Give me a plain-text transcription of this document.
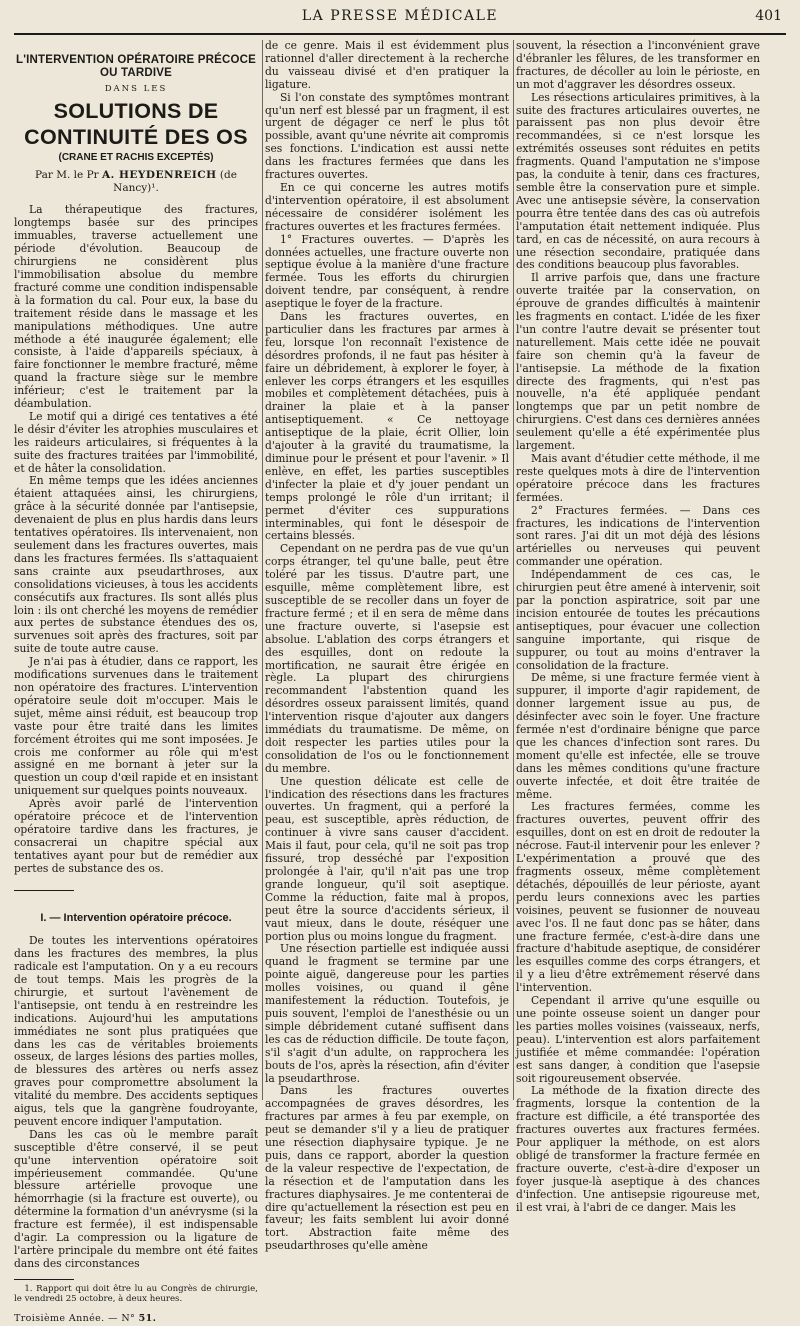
LA PRESSE MÉDICALE	401
L'INTERVENTION OPÉRATOIRE PRÉCOCE OU TARDIVE
DANS LES
SOLUTIONS DE CONTINUITÉ DES OS
(CRANE ET RACHIS EXCEPTÉS)
Par M. le Pr A. HEYDENREICH (de Nancy)¹.

La thérapeutique des fractures, longtemps basée sur des principes immuables, traverse actuellement une période d'évolution. Beaucoup de chirurgiens ne considèrent plus l'immobilisation absolue du membre fracturé comme une condition indispensable à la formation du cal. Pour eux, la base du traitement réside dans le massage et les manipulations méthodiques. Une autre méthode a été inaugurée également; elle consiste, à l'aide d'appareils spéciaux, à faire fonctionner le membre fracturé, même quand la fracture siège sur le membre inférieur; c'est le traitement par la déambulation.

Le motif qui a dirigé ces tentatives a été le désir d'éviter les atrophies musculaires et les raideurs articulaires, si fréquentes à la suite des fractures traitées par l'immobilité, et de hâter la consolidation.

En même temps que les idées anciennes étaient attaquées ainsi, les chirurgiens, grâce à la sécurité donnée par l'antisepsie, devenaient de plus en plus hardis dans leurs tentatives opératoires. Ils intervenaient, non seulement dans les fractures ouvertes, mais dans les fractures fermées. Ils s'attaquaient sans crainte aux pseudarthroses, aux consolidations vicieuses, à tous les accidents consécutifs aux fractures. Ils sont allés plus loin : ils ont cherché les moyens de remédier aux pertes de substance étendues des os, survenues soit après des fractures, soit par suite de toute autre cause.

Je n'ai pas à étudier, dans ce rapport, les modifications survenues dans le traitement non opératoire des fractures. L'intervention opératoire seule doit m'occuper. Mais le sujet, même ainsi réduit, est beaucoup trop vaste pour être traité dans les limites forcément étroites qui me sont imposées. Je crois me conformer au rôle qui m'est assigné en me bornant à jeter sur la question un coup d'œil rapide et en insistant uniquement sur quelques points nouveaux.

Après avoir parlé de l'intervention opératoire précoce et de l'intervention opératoire tardive dans les fractures, je consacrerai un chapitre spécial aux tentatives ayant pour but de remédier aux pertes de substance des os.

I. — Intervention opératoire précoce.

De toutes les interventions opératoires dans les fractures des membres, la plus radicale est l'amputation. On y a eu recours de tout temps. Mais les progrès de la chirurgie, et surtout l'avènement de l'antisepsie, ont tendu à en restreindre les indications. Aujourd'hui les amputations immédiates ne sont plus pratiquées que dans les cas de véritables broiements osseux, de larges lésions des parties molles, de blessures des artères ou nerfs assez graves pour compromettre absolument la vitalité du membre. Des accidents septiques aigus, tels que la gangrène foudroyante, peuvent encore indiquer l'amputation.

Dans les cas où le membre paraît susceptible d'être conservé, il se peut qu'une intervention opératoire soit impérieusement commandée. Qu'une blessure artérielle provoque une hémorrhagie (si la fracture est ouverte), ou détermine la formation d'un anévrysme (si la fracture est fermée), il est indispensable d'agir. La compression ou la ligature de l'artère principale du membre ont été faites dans des circonstances

1. Rapport qui doit être lu au Congrès de chirurgie, le vendredi 25 octobre, à deux heures.
Troisième Année. — N° 51.

de ce genre. Mais il est évidemment plus rationnel d'aller directement à la recherche du vaisseau divisé et d'en pratiquer la ligature.

Si l'on constate des symptômes montrant qu'un nerf est blessé par un fragment, il est urgent de dégager ce nerf le plus tôt possible, avant qu'une névrite ait compromis ses fonctions. L'indication est aussi nette dans les fractures fermées que dans les fractures ouvertes.

En ce qui concerne les autres motifs d'intervention opératoire, il est absolument nécessaire de considérer isolément les fractures ouvertes et les fractures fermées.

1° Fractures ouvertes. — D'après les données actuelles, une fracture ouverte non septique évolue à la manière d'une fracture fermée. Tous les efforts du chirurgien doivent tendre, par conséquent, à rendre aseptique le foyer de la fracture.

Dans les fractures ouvertes, en particulier dans les fractures par armes à feu, lorsque l'on reconnaît l'existence de désordres profonds, il ne faut pas hésiter à faire un débridement, à explorer le foyer, à enlever les corps étrangers et les esquilles mobiles et complètement détachées, puis à drainer la plaie et à la panser antiseptiquement. « Ce nettoyage antiseptique de la plaie, écrit Ollier, loin d'ajouter à la gravité du traumatisme, la diminue pour le présent et pour l'avenir. » Il enlève, en effet, les parties susceptibles d'infecter la plaie et d'y jouer pendant un temps prolongé le rôle d'un irritant; il permet d'éviter ces suppurations interminables, qui font le désespoir de certains blessés.

Cependant on ne perdra pas de vue qu'un corps étranger, tel qu'une balle, peut être toléré par les tissus. D'autre part, une esquille, même complètement libre, est susceptible de se recoller dans un foyer de fracture fermé ; et il en sera de même dans une fracture ouverte, si l'asepsie est absolue. L'ablation des corps étrangers et des esquilles, dont on redoute la mortification, ne saurait être érigée en règle. La plupart des chirurgiens recommandent l'abstention quand les désordres osseux paraissent limités, quand l'intervention risque d'ajouter aux dangers immédiats du traumatisme. De même, on doit respecter les parties utiles pour la consolidation de l'os ou le fonctionnement du membre.

Une question délicate est celle de l'indication des résections dans les fractures ouvertes. Un fragment, qui a perforé la peau, est susceptible, après réduction, de continuer à vivre sans causer d'accident. Mais il faut, pour cela, qu'il ne soit pas trop fissuré, trop desséché par l'exposition prolongée à l'air, qu'il n'ait pas une trop grande longueur, qu'il soit aseptique. Comme la réduction, faite mal à propos, peut être la source d'accidents sérieux, il vaut mieux, dans le doute, réséquer une portion plus ou moins longue du fragment.

Une résection partielle est indiquée aussi quand le fragment se termine par une pointe aiguë, dangereuse pour les parties molles voisines, ou quand il gêne manifestement la réduction. Toutefois, je puis souvent, l'emploi de l'anesthésie ou un simple débridement cutané suffisent dans les cas de réduction difficile. De toute façon, s'il s'agit d'un adulte, on rapprochera les bouts de l'os, après la résection, afin d'éviter la pseudarthrose.

Dans les fractures ouvertes accompagnées de graves désordres, les fractures par armes à feu par exemple, on peut se demander s'il y a lieu de pratiquer une résection diaphysaire typique. Je ne puis, dans ce rapport, aborder la question de la valeur respective de l'expectation, de la résection et de l'amputation dans les fractures diaphysaires. Je me contenterai de dire qu'actuellement la résection est peu en faveur; les faits semblent lui avoir donné tort. Abstraction faite même des pseudarthroses qu'elle amène

souvent, la résection a l'inconvénient grave d'ébranler les fêlures, de les transformer en fractures, de décoller au loin le périoste, en un mot d'aggraver les désordres osseux.

Les résections articulaires primitives, à la suite des fractures articulaires ouvertes, ne paraissent pas non plus devoir être recommandées, si ce n'est lorsque les extrémités osseuses sont réduites en petits fragments. Quand l'amputation ne s'impose pas, la conduite à tenir, dans ces fractures, semble être la conservation pure et simple. Avec une antisepsie sévère, la conservation pourra être tentée dans des cas où autrefois l'amputation était nettement indiquée. Plus tard, en cas de nécessité, on aura recours à une résection secondaire, pratiquée dans des conditions beaucoup plus favorables.

Il arrive parfois que, dans une fracture ouverte traitée par la conservation, on éprouve de grandes difficultés à maintenir les fragments en contact. L'idée de les fixer l'un contre l'autre devait se présenter tout naturellement. Mais cette idée ne pouvait faire son chemin qu'à la faveur de l'antisepsie. La méthode de la fixation directe des fragments, qui n'est pas nouvelle, n'a été appliquée pendant longtemps que par un petit nombre de chirurgiens. C'est dans ces dernières années seulement qu'elle a été expérimentée plus largement.

Mais avant d'étudier cette méthode, il me reste quelques mots à dire de l'intervention opératoire précoce dans les fractures fermées.

2° Fractures fermées. — Dans ces fractures, les indications de l'intervention sont rares. J'ai dit un mot déjà des lésions artérielles ou nerveuses qui peuvent commander une opération.

Indépendamment de ces cas, le chirurgien peut être amené à intervenir, soit par la ponction aspiratrice, soit par une incision entourée de toutes les précautions antiseptiques, pour évacuer une collection sanguine importante, qui risque de suppurer, ou tout au moins d'entraver la consolidation de la fracture.

De même, si une fracture fermée vient à suppurer, il importe d'agir rapidement, de donner largement issue au pus, de désinfecter avec soin le foyer. Une fracture fermée n'est d'ordinaire bénigne que parce que les chances d'infection sont rares. Du moment qu'elle est infectée, elle se trouve dans les mêmes conditions qu'une fracture ouverte infectée, et doit être traitée de même.

Les fractures fermées, comme les fractures ouvertes, peuvent offrir des esquilles, dont on est en droit de redouter la nécrose. Faut-il intervenir pour les enlever ? L'expérimentation a prouvé que des fragments osseux, même complètement détachés, dépouillés de leur périoste, ayant perdu leurs connexions avec les parties voisines, peuvent se fusionner de nouveau avec l'os. Il ne faut donc pas se hâter, dans une fracture fermée, c'est-à-dire dans une fracture d'habitude aseptique, de considérer les esquilles comme des corps étrangers, et il y a lieu d'être extrêmement réservé dans l'intervention.

Cependant il arrive qu'une esquille ou une pointe osseuse soient un danger pour les parties molles voisines (vaisseaux, nerfs, peau). L'intervention est alors parfaitement justifiée et même commandée: l'opération est sans danger, à condition que l'asepsie soit rigoureusement observée.

La méthode de la fixation directe des fragments, lorsque la contention de la fracture est difficile, a été transportée des fractures ouvertes aux fractures fermées. Pour appliquer la méthode, on est alors obligé de transformer la fracture fermée en fracture ouverte, c'est-à-dire d'exposer un foyer jusque-là aseptique à des chances d'infection. Une antisepsie rigoureuse met, il est vrai, à l'abri de ce danger. Mais les
